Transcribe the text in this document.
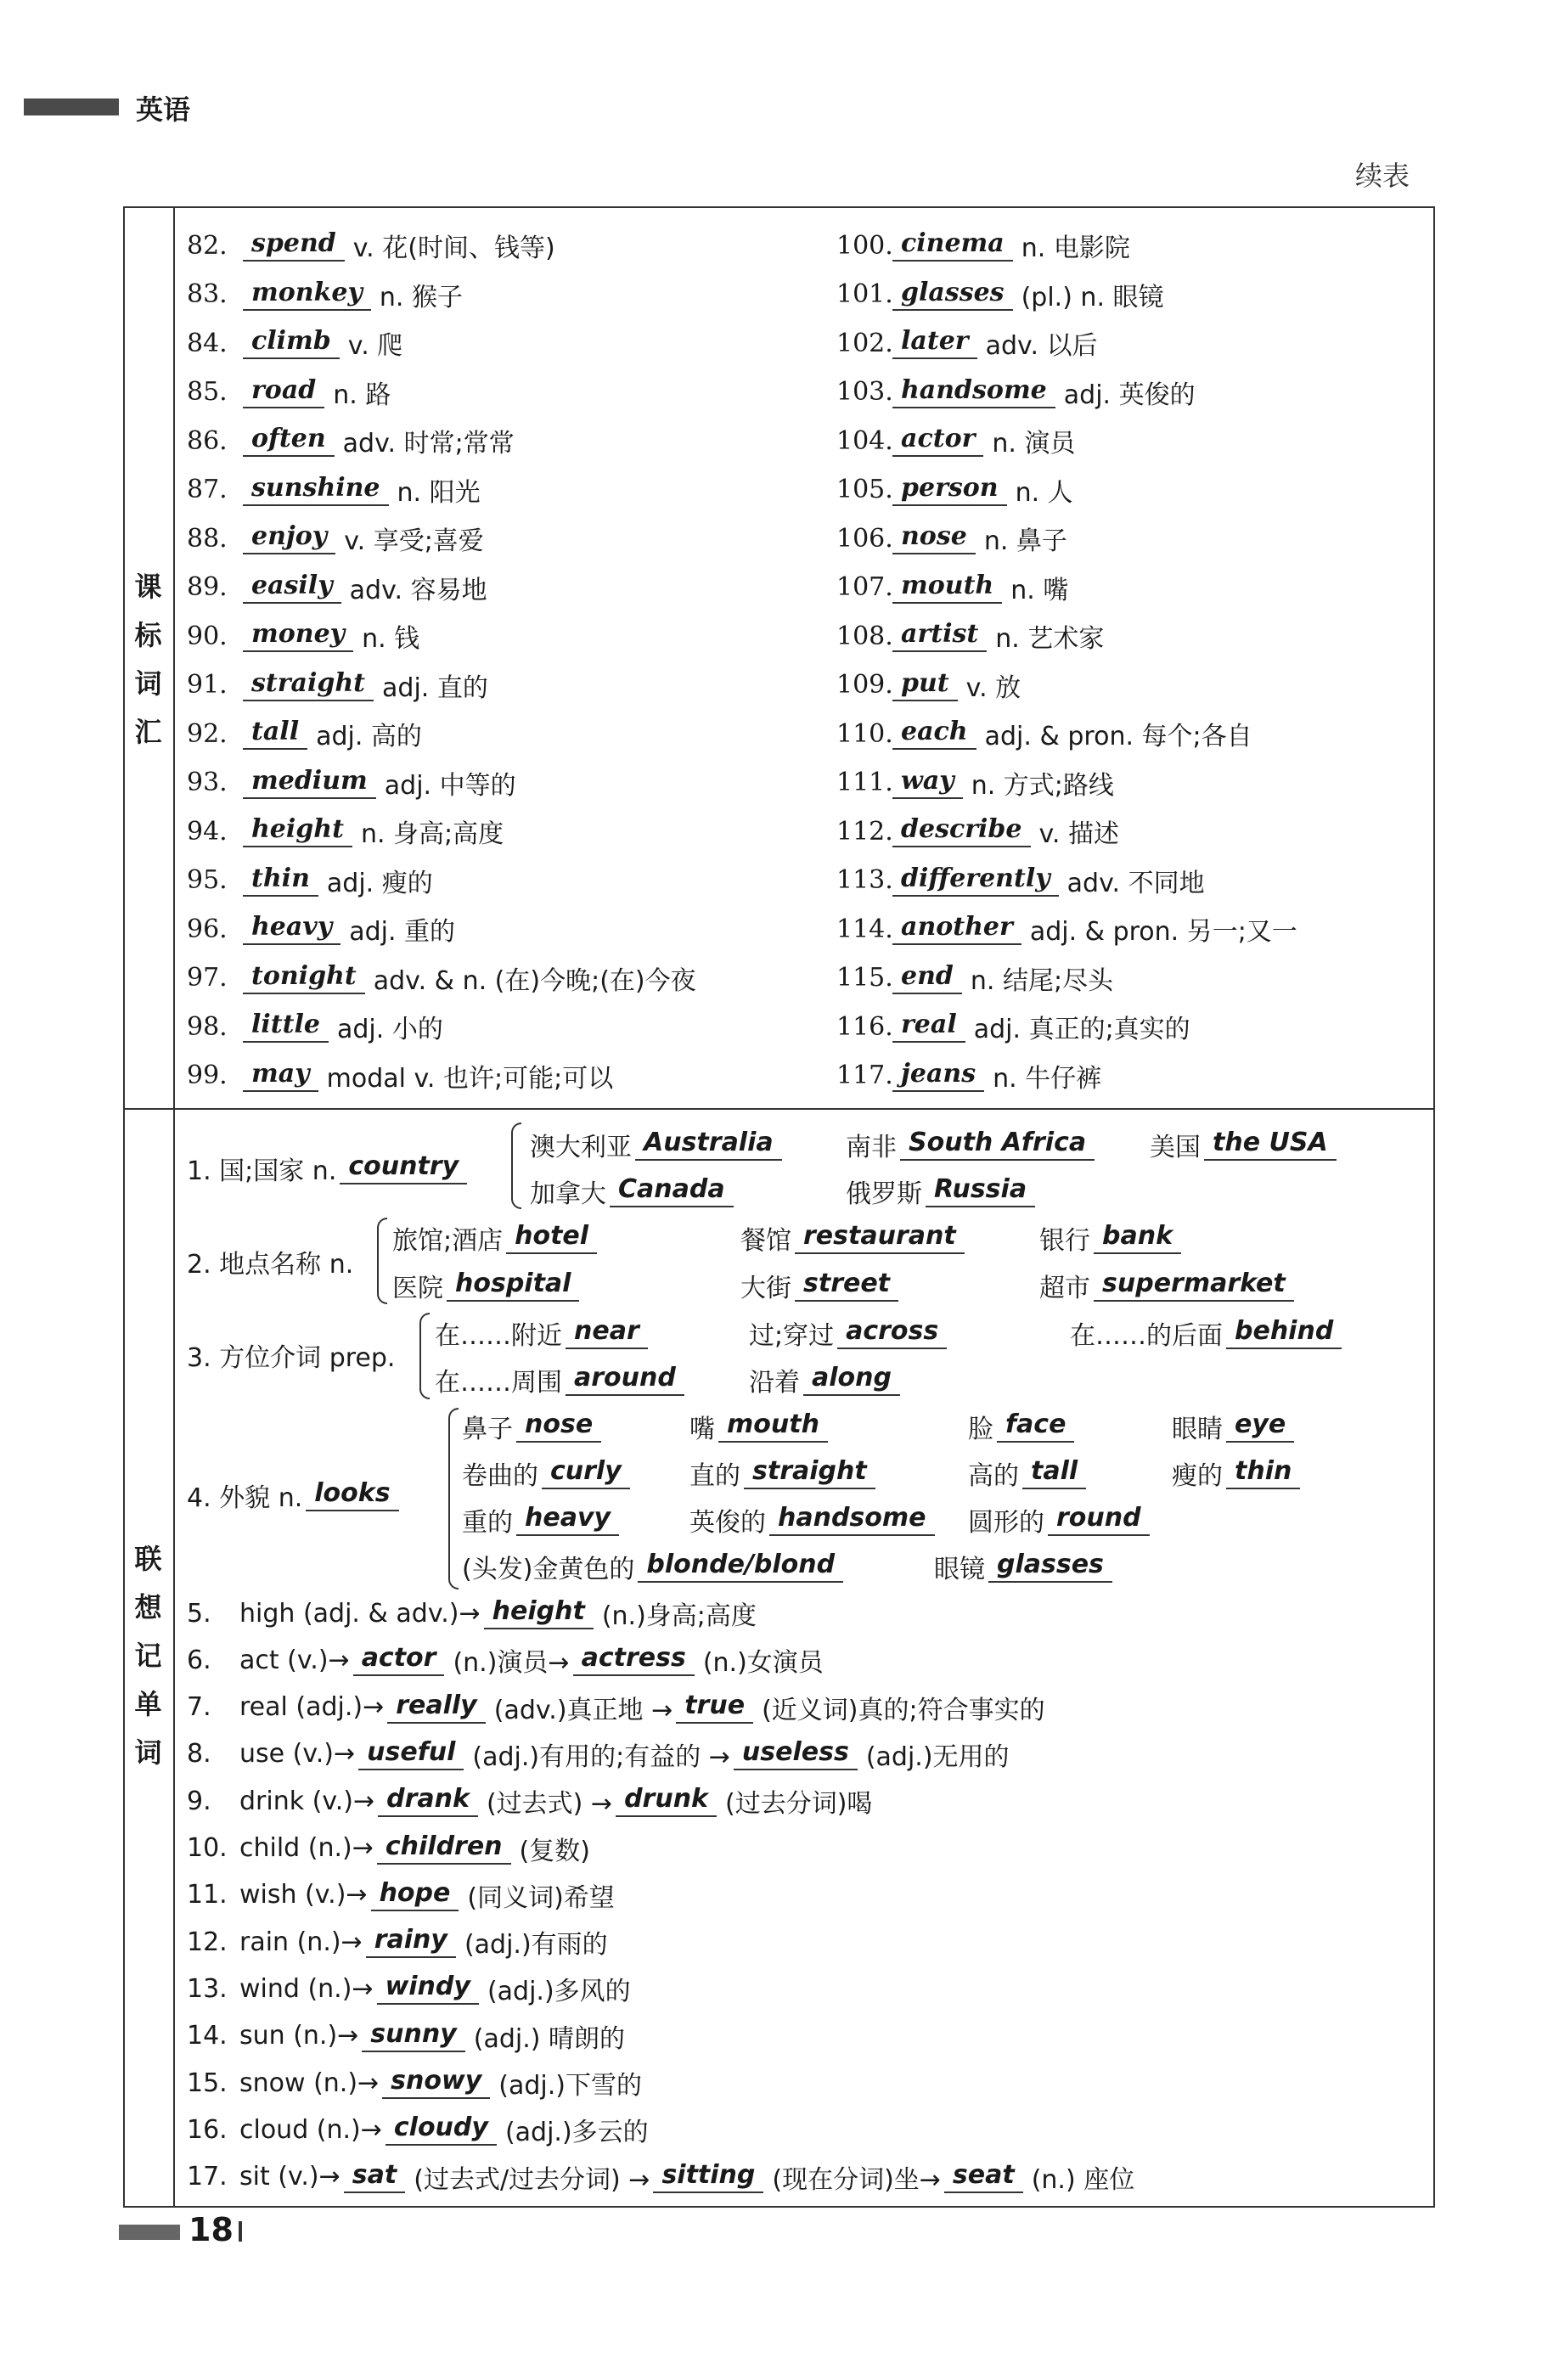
英语
续表
课
标
词
汇
联
想
记
单
词
82. spend v. 花(时间、钱等)
83. monkey n. 猴子
84. climb v. 爬
85. road n. 路
86. often adv. 时常;常常
87. sunshine n. 阳光
88. enjoy v. 享受;喜爱
89. easily adv. 容易地
90. money n. 钱
91. straight adj. 直的
92. tall adj. 高的
93. medium adj. 中等的
94. height n. 身高;高度
95. thin adj. 瘦的
96. heavy adj. 重的
97. tonight adv. & n. (在)今晚;(在)今夜
98. little adj. 小的
99. may modal v. 也许;可能;可以
100. cinema n. 电影院
101. glasses (pl.) n. 眼镜
102. later adv. 以后
103. handsome adj. 英俊的
104. actor n. 演员
105. person n. 人
106. nose n. 鼻子
107. mouth n. 嘴
108. artist n. 艺术家
109. put v. 放
110. each adj. & pron. 每个;各自
111. way n. 方式;路线
112. describe v. 描述
113. differently adv. 不同地
114. another adj. & pron. 另一;又一
115. end n. 结尾;尽头
116. real adj. 真正的;真实的
117. jeans n. 牛仔裤
1. 国;国家 n. country
澳大利亚 Australia	南非 South Africa	美国 the USA
加拿大 Canada	俄罗斯 Russia
2. 地点名称 n.
旅馆;酒店 hotel	餐馆 restaurant	银行 bank
医院 hospital	大街 street	超市 supermarket
3. 方位介词 prep.
在……附近 near	过;穿过 across	在……的后面 behind
在……周围 around	沿着 along
4. 外貌 n. looks
鼻子 nose	嘴 mouth	脸 face	眼睛 eye
卷曲的 curly	直的 straight	高的 tall	瘦的 thin
重的 heavy	英俊的 handsome	圆形的 round
(头发)金黄色的 blonde/blond	眼镜 glasses
5.	high (adj. & adv.)→ height (n.)身高;高度
6.	act (v.)→ actor (n.)演员→ actress (n.)女演员
7.	real (adj.)→ really (adv.)真正地 → true (近义词)真的;符合事实的
8.	use (v.)→ useful (adj.)有用的;有益的 → useless (adj.)无用的
9.	drink (v.)→ drank (过去式) → drunk (过去分词)喝
10. child (n.)→ children (复数)
11. wish (v.)→ hope (同义词)希望
12. rain (n.)→ rainy (adj.)有雨的
13. wind (n.)→ windy (adj.)多风的
14. sun (n.)→ sunny (adj.) 晴朗的
15. snow (n.)→ snowy (adj.)下雪的
16. cloud (n.)→ cloudy (adj.)多云的
17. sit (v.)→ sat (过去式/过去分词) → sitting (现在分词)坐→ seat (n.) 座位
18
